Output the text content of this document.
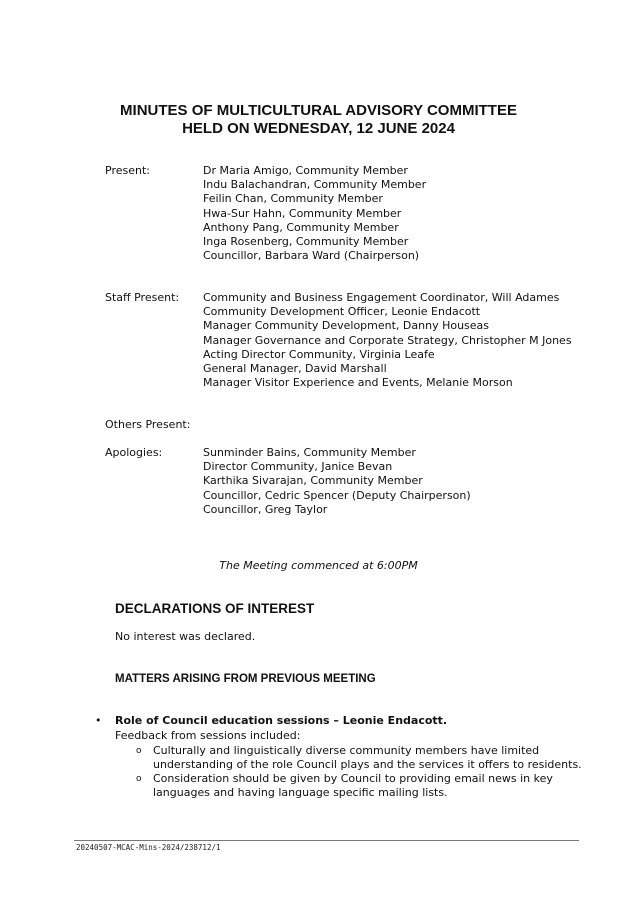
MINUTES OF MULTICULTURAL ADVISORY COMMITTEE
HELD ON WEDNESDAY, 12 JUNE 2024
Present:	Dr Maria Amigo, Community Member
Indu Balachandran, Community Member
Feilin Chan, Community Member
Hwa-Sur Hahn, Community Member
Anthony Pang, Community Member
Inga Rosenberg, Community Member
Councillor, Barbara Ward (Chairperson)
Staff Present: Community and Business Engagement Coordinator, Will Adames
Community Development Officer, Leonie Endacott
Manager Community Development, Danny Houseas
Manager Governance and Corporate Strategy, Christopher M Jones
Acting Director Community, Virginia Leafe
General Manager, David Marshall
Manager Visitor Experience and Events, Melanie Morson
Others Present:
Apologies:	Sunminder Bains, Community Member
Director Community, Janice Bevan
Karthika Sivarajan, Community Member
Councillor, Cedric Spencer (Deputy Chairperson)
Councillor, Greg Taylor
The Meeting commenced at 6:00PM
DECLARATIONS OF INTEREST
No interest was declared.
MATTERS ARISING FROM PREVIOUS MEETING
• Role of Council education sessions – Leonie Endacott.
Feedback from sessions included:
o Culturally and linguistically diverse community members have limited understanding of the role Council plays and the services it offers to residents.
o Consideration should be given by Council to providing email news in key languages and having language specific mailing lists.
20240507-MCAC-Mins-2024/238712/1
